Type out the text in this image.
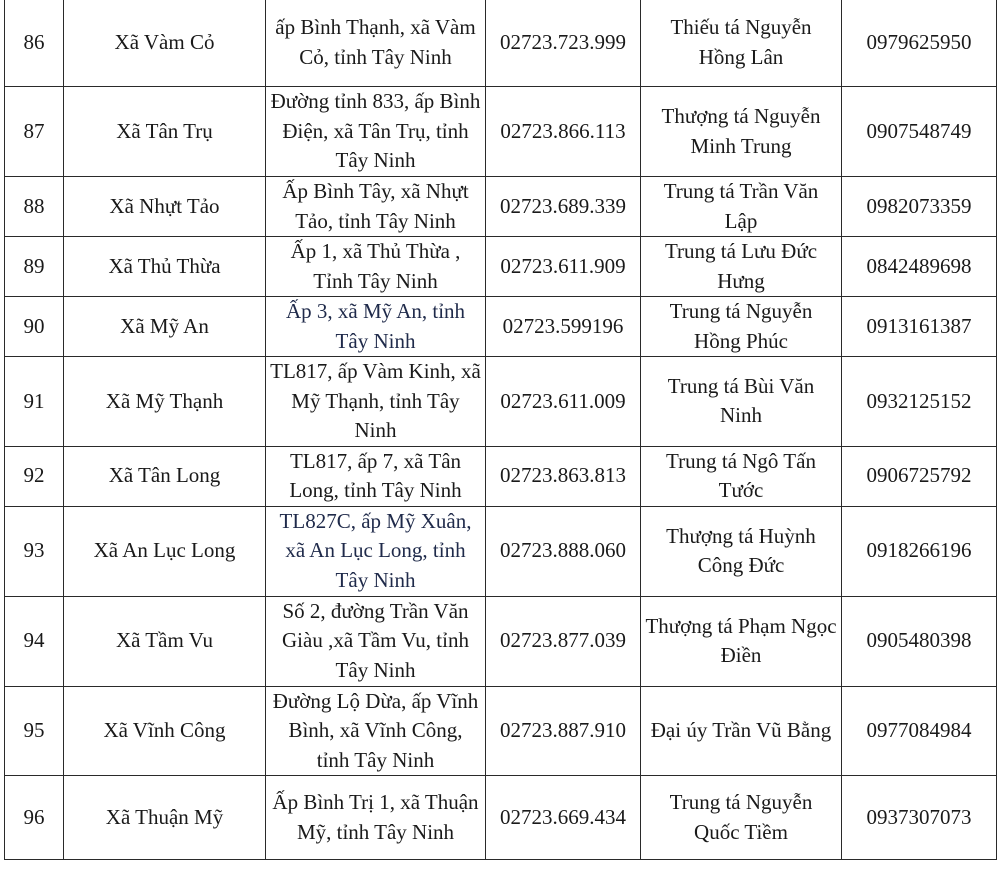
86	Xã Vàm Cỏ	ấp Bình Thạnh, xã Vàm Cỏ, tỉnh Tây Ninh	02723.723.999	Thiếu tá Nguyễn Hồng Lân	0979625950
87	Xã Tân Trụ	Đường tỉnh 833, ấp Bình Điện, xã Tân Trụ, tỉnh Tây Ninh	02723.866.113	Thượng tá Nguyễn Minh Trung	0907548749
88	Xã Nhựt Tảo	Ấp Bình Tây, xã Nhựt Tảo, tỉnh Tây Ninh	02723.689.339	Trung tá Trần Văn Lập	0982073359
89	Xã Thủ Thừa	Ấp 1, xã Thủ Thừa , Tỉnh Tây Ninh	02723.611.909	Trung tá Lưu Đức Hưng	0842489698
90	Xã Mỹ An	Ấp 3, xã Mỹ An, tỉnh Tây Ninh	02723.599196	Trung tá Nguyễn Hồng Phúc	0913161387
91	Xã Mỹ Thạnh	TL817, ấp Vàm Kinh, xã Mỹ Thạnh, tỉnh Tây Ninh	02723.611.009	Trung tá Bùi Văn Ninh	0932125152
92	Xã Tân Long	TL817, ấp 7, xã Tân Long, tỉnh Tây Ninh	02723.863.813	Trung tá Ngô Tấn Tước	0906725792
93	Xã An Lục Long	TL827C, ấp Mỹ Xuân, xã An Lục Long, tỉnh Tây Ninh	02723.888.060	Thượng tá Huỳnh Công Đức	0918266196
94	Xã Tầm Vu	Số 2, đường Trần Văn Giàu ,xã Tầm Vu, tỉnh Tây Ninh	02723.877.039	Thượng tá Phạm Ngọc Điền	0905480398
95	Xã Vĩnh Công	Đường Lộ Dừa, ấp Vĩnh Bình, xã Vĩnh Công, tỉnh Tây Ninh	02723.887.910	Đại úy Trần Vũ Bằng	0977084984
96	Xã Thuận Mỹ	Ấp Bình Trị 1, xã Thuận Mỹ, tỉnh Tây Ninh	02723.669.434	Trung tá Nguyễn Quốc Tiềm	0937307073
